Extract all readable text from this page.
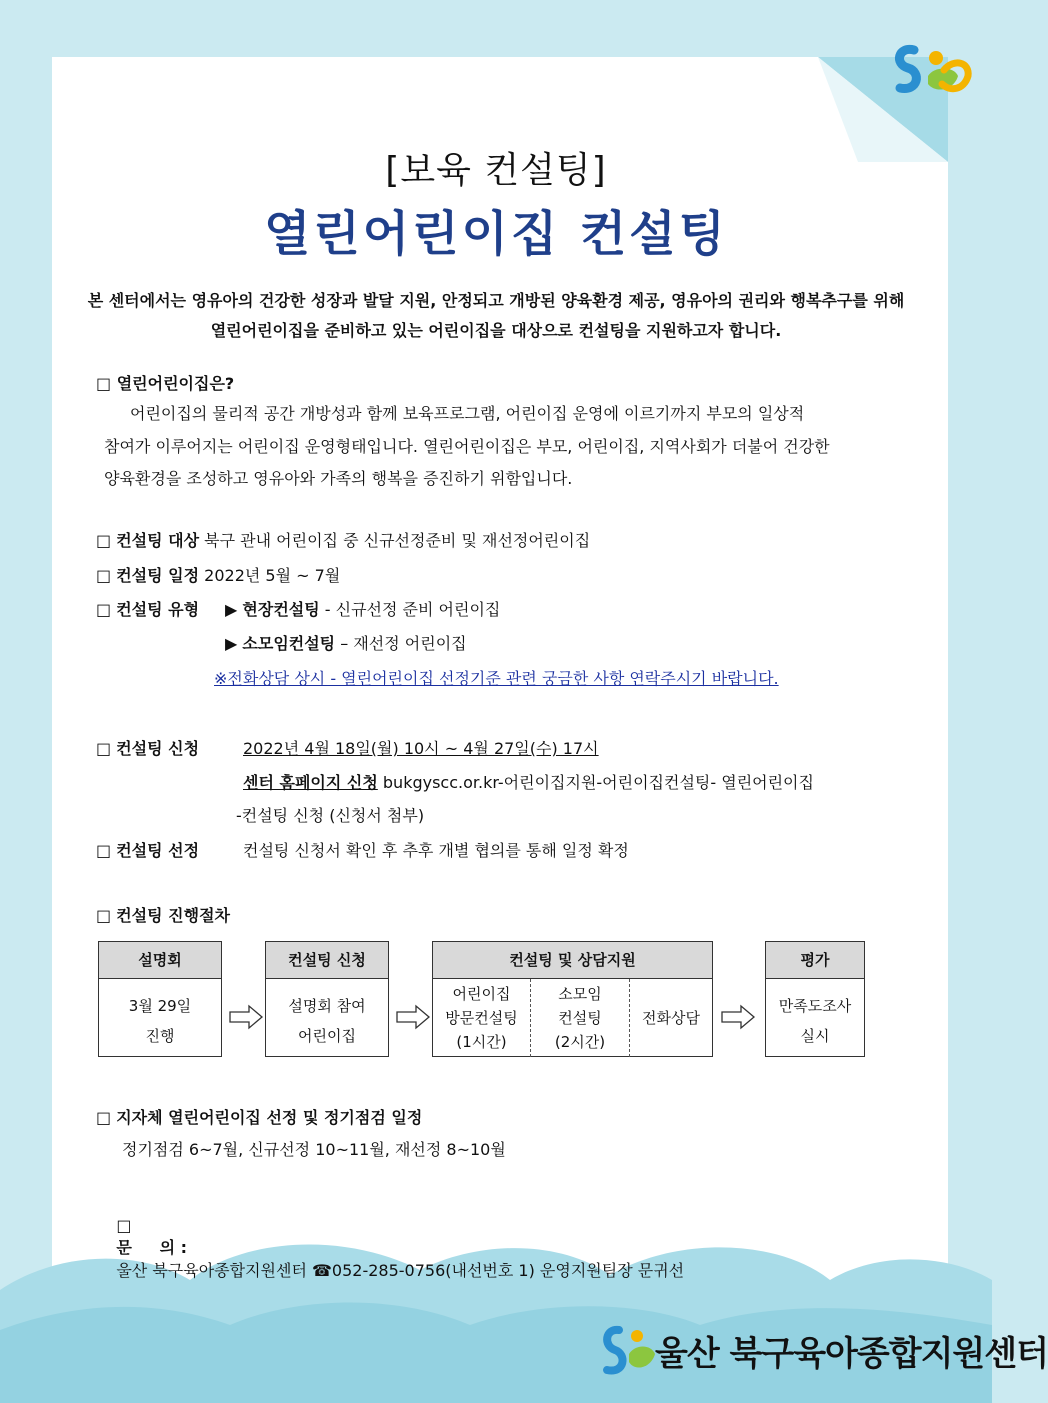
[보육 컨설팅]
열린어린이집 컨설팅
본 센터에서는 영유아의 건강한 성장과 발달 지원, 안정되고 개방된 양육환경 제공, 영유아의 권리와 행복추구를 위해 열린어린이집을 준비하고 있는 어린이집을 대상으로 컨설팅을 지원하고자 합니다.
□ 열린어린이집은?
어린이집의 물리적 공간 개방성과 함께 보육프로그램, 어린이집 운영에 이르기까지 부모의 일상적
참여가 이루어지는 어린이집 운영형태입니다. 열린어린이집은 부모, 어린이집, 지역사회가 더불어 건강한
양육환경을 조성하고 영유아와 가족의 행복을 증진하기 위함입니다.
□ 컨설팅 대상 북구 관내 어린이집 중 신규선정준비 및 재선정어린이집
□ 컨설팅 일정 2022년 5월 ~ 7월
□ 컨설팅 유형 ▶ 현장컨설팅 - 신규선정 준비 어린이집
▶ 소모임컨설팅 – 재선정 어린이집
※전화상담 상시 - 열린어린이집 선정기준 관련 궁금한 사항 연락주시기 바랍니다.
□ 컨설팅 신청	2022년 4월 18일(월) 10시 ~ 4월 27일(수) 17시
센터 홈페이지 신청 bukgyscc.or.kr-어린이집지원-어린이집컨설팅- 열린어린이집
-컨설팅 신청 (신청서 첨부)
□ 컨설팅 선정	컨설팅 신청서 확인 후 추후 개별 협의를 통해 일정 확정
□ 컨설팅 진행절차
설명회
3월 29일
진행
컨설팅 신청
설명회 참여
어린이집
컨설팅 및 상담지원
어린이집
방문컨설팅
(1시간)
소모임
컨설팅
(2시간)
전화상담
평가
만족도조사
실시
□ 지자체 열린어린이집 선정 및 정기점검 일정
정기점검 6~7월, 신규선정 10~11월, 재선정 8~10월

□
문     의 :
울산 북구육아종합지원센터 ☎052-285-0756(내선번호 1) 운영지원팀장 문귀선

울산 북구육아종합지원센터
